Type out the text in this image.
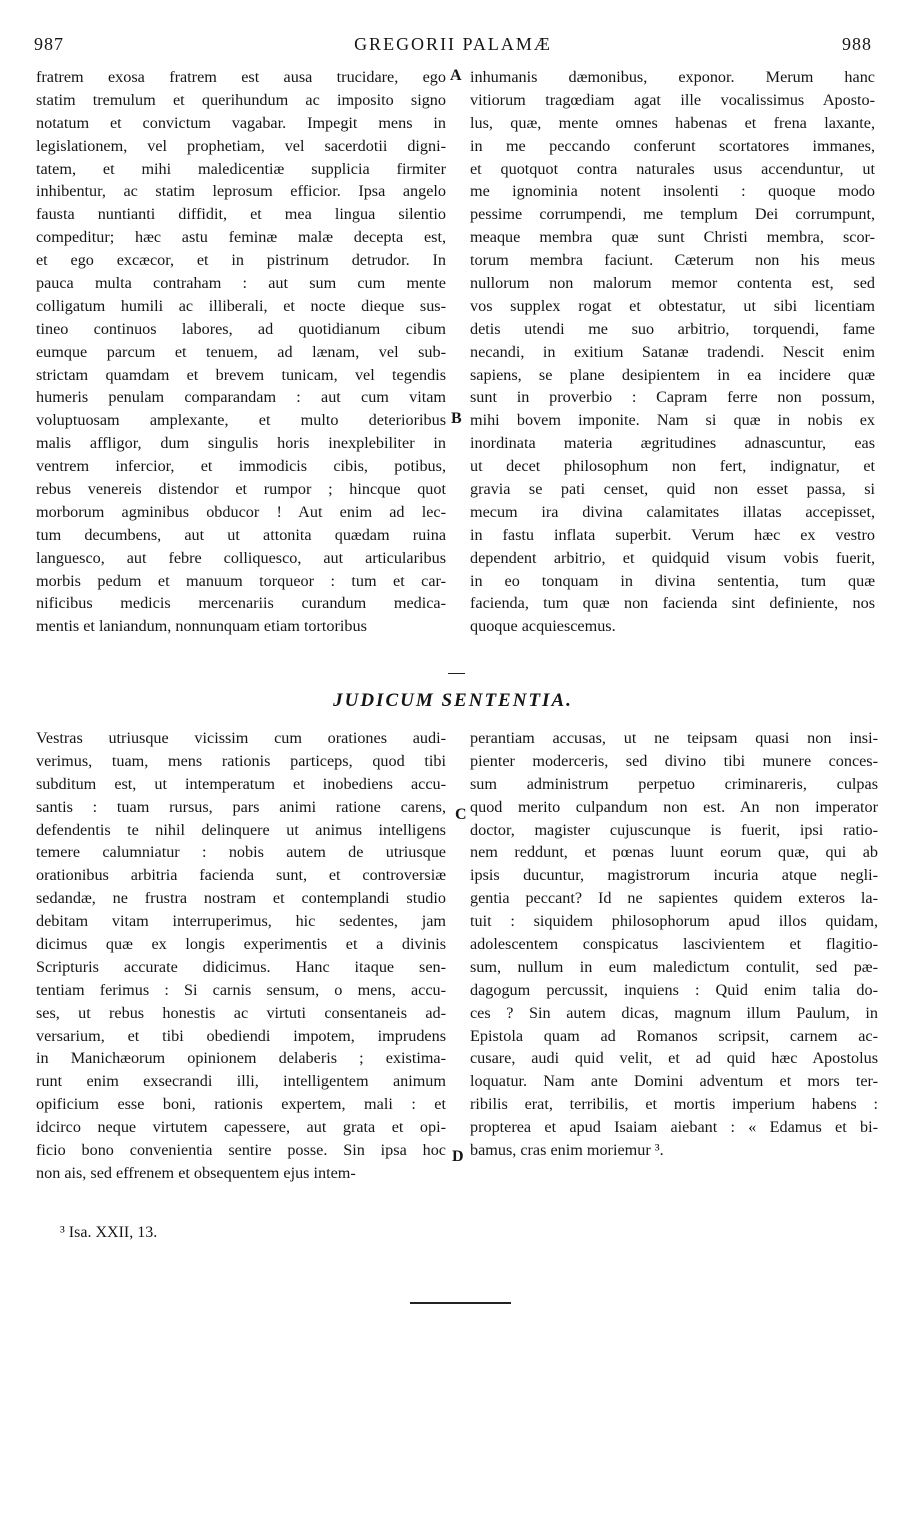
987	GREGORII PALAMÆ	988
fratrem exosa fratrem est ausa trucidare, ego
statim tremulum et querihundum ac imposito signo
notatum et convictum vagabar. Impegit mens in
legislationem, vel prophetiam, vel sacerdotii digni-
tatem, et mihi maledicentiæ supplicia firmiter
inhibentur, ac statim leprosum efficior. Ipsa angelo
fausta nuntianti diffidit, et mea lingua silentio
compeditur; hæc astu feminæ malæ decepta est,
et ego excæcor, et in pistrinum detrudor. In
pauca multa contraham : aut sum cum mente
colligatum humili ac illiberali, et nocte dieque sus-
tineo continuos labores, ad quotidianum cibum
eumque parcum et tenuem, ad lænam, vel sub-
strictam quamdam et brevem tunicam, vel tegendis
humeris penulam comparandam : aut cum vitam
voluptuosam amplexante, et multo deterioribus
malis affligor, dum singulis horis inexplebiliter in
ventrem infercior, et immodicis cibis, potibus,
rebus venereis distendor et rumpor ; hincque quot
morborum agminibus obducor ! Aut enim ad lec-
tum decumbens, aut ut attonita quædam ruina
languesco, aut febre colliquesco, aut articularibus
morbis pedum et manuum torqueor : tum et car-
nificibus medicis mercenariis curandum medica-
mentis et laniandum, nonnunquam etiam tortoribus
inhumanis dæmonibus, exponor. Merum hanc
vitiorum tragœdiam agat ille vocalissimus Aposto-
lus, quæ, mente omnes habenas et frena laxante,
in me peccando conferunt scortatores immanes,
et quotquot contra naturales usus accenduntur, ut
me ignominia notent insolenti : quoque modo
pessime corrumpendi, me templum Dei corrumpunt,
meaque membra quæ sunt Christi membra, scor-
torum membra faciunt. Cæterum non his meus
nullorum non malorum memor contenta est, sed
vos supplex rogat et obtestatur, ut sibi licentiam
detis utendi me suo arbitrio, torquendi, fame
necandi, in exitium Satanæ tradendi. Nescit enim
sapiens, se plane desipientem in ea incidere quæ
sunt in proverbio : Capram ferre non possum,
mihi bovem imponite. Nam si quæ in nobis ex
inordinata materia ægritudines adnascuntur, eas
ut decet philosophum non fert, indignatur, et
gravia se pati censet, quid non esset passa, si
mecum ira divina calamitates illatas accepisset,
in fastu inflata superbit. Verum hæc ex vestro
dependent arbitrio, et quidquid visum vobis fuerit,
in eo tonquam in divina sententia, tum quæ
facienda, tum quæ non facienda sint definiente, nos
quoque acquiescemus.
A
B
JUDICUM SENTENTIA.
Vestras utriusque vicissim cum orationes audi-
verimus, tuam, mens rationis particeps, quod tibi
subditum est, ut intemperatum et inobediens accu-
santis : tuam rursus, pars animi ratione carens,
defendentis te nihil delinquere ut animus intelligens
temere calumniatur : nobis autem de utriusque
orationibus arbitria facienda sunt, et controversiæ
sedandæ, ne frustra nostram et contemplandi studio
debitam vitam interruperimus, hic sedentes, jam
dicimus quæ ex longis experimentis et a divinis
Scripturis accurate didicimus. Hanc itaque sen-
tentiam ferimus : Si carnis sensum, o mens, accu-
ses, ut rebus honestis ac virtuti consentaneis ad-
versarium, et tibi obediendi impotem, imprudens
in Manichæorum opinionem delaberis ; existima-
runt enim exsecrandi illi, intelligentem animum
opificium esse boni, rationis expertem, mali : et
idcirco neque virtutem capessere, aut grata et opi-
ficio bono convenientia sentire posse. Sin ipsa hoc
non ais, sed effrenem et obsequentem ejus intem-
perantiam accusas, ut ne teipsam quasi non insi-
pienter moderceris, sed divino tibi munere conces-
sum administrum perpetuo criminareris, culpas
quod merito culpandum non est. An non imperator
doctor, magister cujuscunque is fuerit, ipsi ratio-
nem reddunt, et pœnas luunt eorum quæ, qui ab
ipsis ducuntur, magistrorum incuria atque negli-
gentia peccant? Id ne sapientes quidem exteros la-
tuit : siquidem philosophorum apud illos quidam,
adolescentem conspicatus lascivientem et flagitio-
sum, nullum in eum maledictum contulit, sed pæ-
dagogum percussit, inquiens : Quid enim talia do-
ces ? Sin autem dicas, magnum illum Paulum, in
Epistola quam ad Romanos scripsit, carnem ac-
cusare, audi quid velit, et ad quid hæc Apostolus
loquatur. Nam ante Domini adventum et mors ter-
ribilis erat, terribilis, et mortis imperium habens :
propterea et apud Isaiam aiebant : « Edamus et bi-
bamus, cras enim moriemur ³.
C
D
³ Isa. XXII, 13.
